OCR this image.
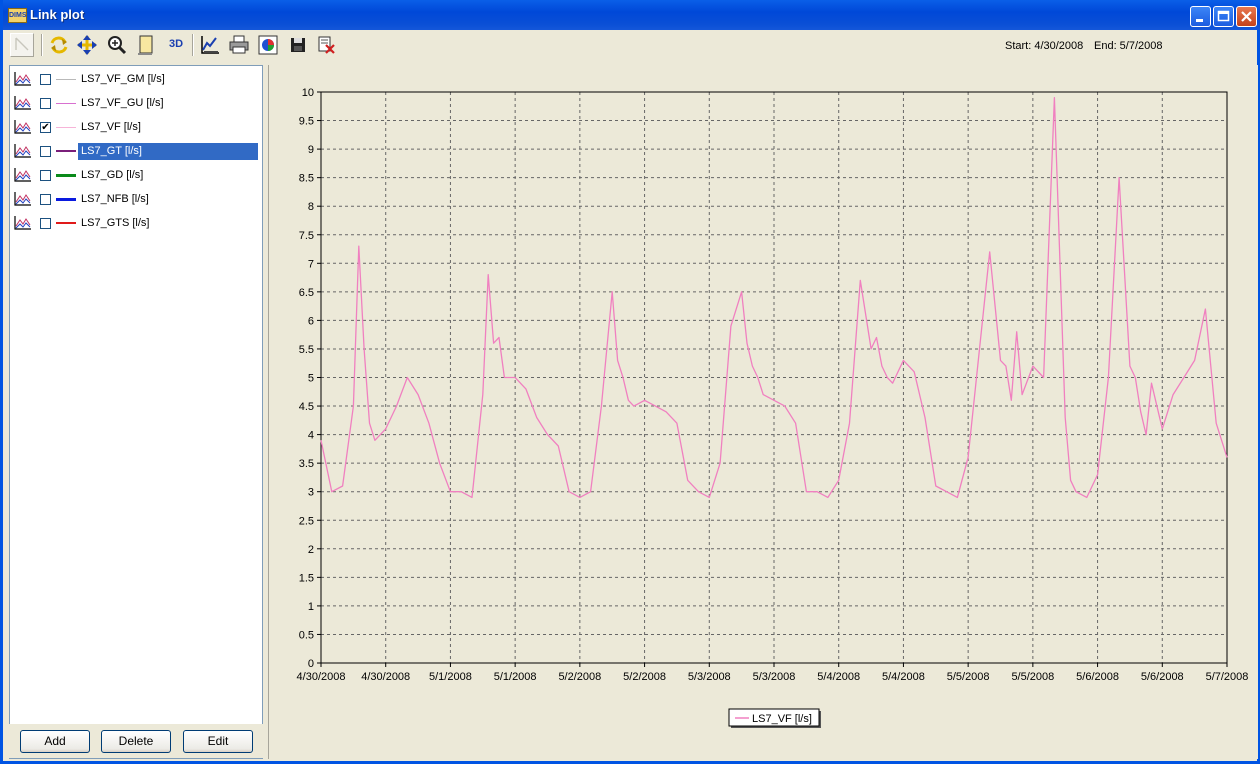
DIMS Link plot
3D	Start: 4/30/2008 End: 5/7/2008
LS7_VF_GM [l/s]
LS7_VF_GU [l/s]
✔	LS7_VF [l/s]
LS7_GT [l/s]
LS7_GD [l/s]
LS7_NFB [l/s]
LS7_GTS [l/s]
Add	Delete	Edit
0
0.5
1
1.5
2
2.5
3
3.5
4
4.5
5
5.5
6
6.5
7
7.5
8
8.5
9
9.5
10
4/30/2008 4/30/2008 5/1/2008 5/1/2008 5/2/2008 5/2/2008 5/3/2008 5/3/2008 5/4/2008 5/4/2008 5/5/2008 5/5/2008 5/6/2008 5/6/2008 5/7/2008
LS7_VF [l/s]
